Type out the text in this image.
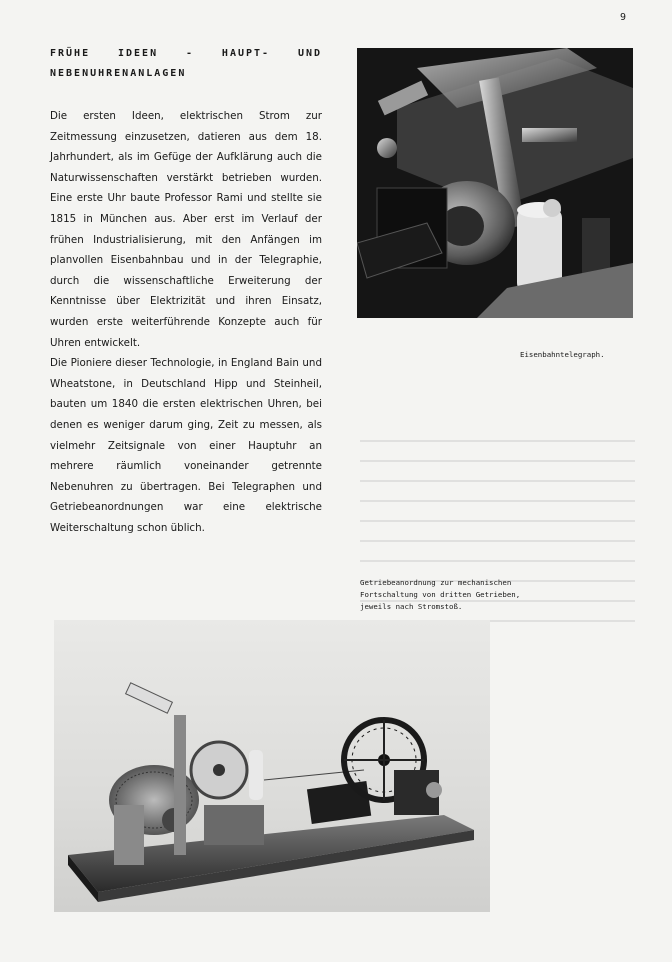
9
FRÜHE	IDEEN	-	HAUPT-	UND
NEBENUHRENANLAGEN

Die ersten Ideen, elektrischen Strom zur Zeitmessung einzusetzen, datieren aus dem 18. Jahrhundert, als im Gefüge der Aufklärung auch die Naturwissenschaften verstärkt betrieben wurden. Eine erste Uhr baute Professor Rami und stellte sie 1815 in München aus. Aber erst im Verlauf der frühen Industrialisierung, mit den Anfängen im planvollen Eisenbahnbau und in der Telegraphie, durch die wissenschaftliche Erweiterung der Kenntnisse über Elektrizität und ihren Einsatz, wurden erste weiterführende Konzepte auch für Uhren entwickelt.

Die Pioniere dieser Technologie, in England Bain und Wheatstone, in Deutschland Hipp und Steinheil, bauten um 1840 die ersten elektrischen Uhren, bei denen es weniger darum ging, Zeit zu messen, als vielmehr Zeitsignale von einer Hauptuhr an mehrere räumlich voneinander getrennte Nebenuhren zu übertragen. Bei Telegraphen und Getriebeanordnungen war eine elektrische Weiterschaltung schon üblich.

Eisenbahntelegraph.
Getriebeanordnung zur mechanischen
Fortschaltung von dritten Getrieben,
jeweils nach Stromstoß.
